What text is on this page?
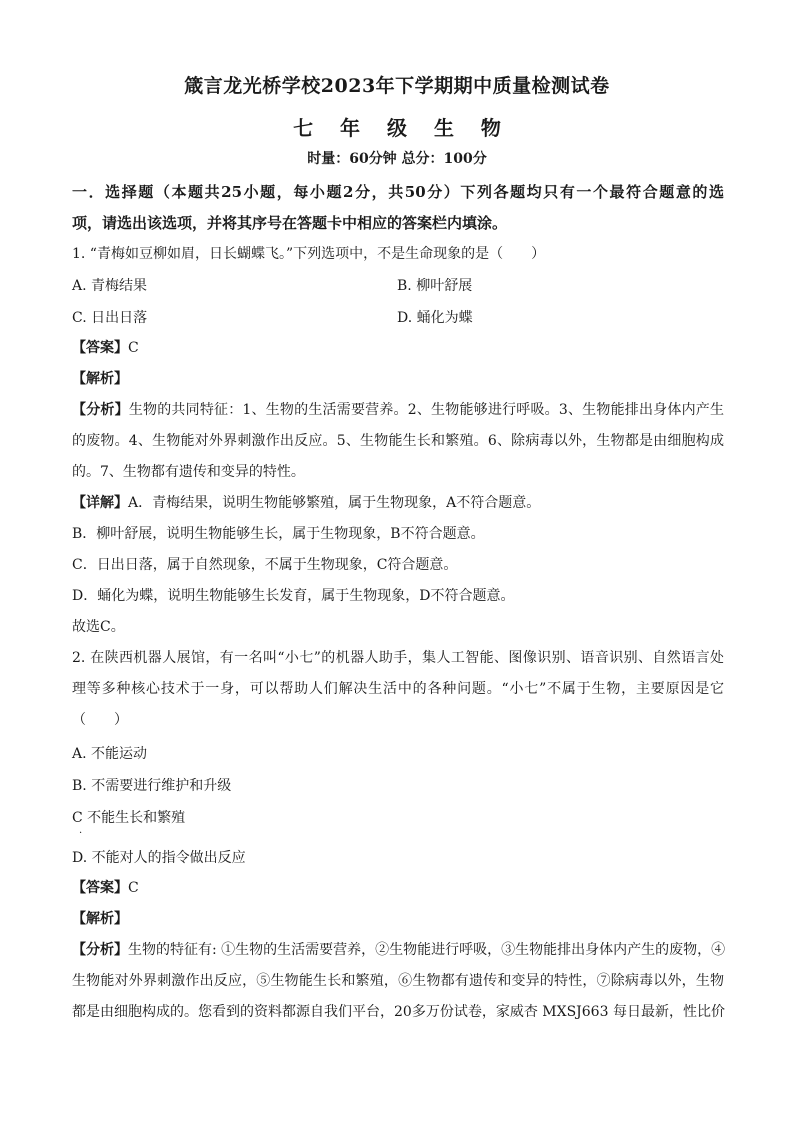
箴言龙光桥学校2023年下学期期中质量检测试卷
七 年 级 生 物
时量：60分钟 总分：100分

一．选择题（本题共25小题，每小题2分，共50分）下列各题均只有一个最符合题意的选

项，请选出该选项，并将其序号在答题卡中相应的答案栏内填涂。

1. “青梅如豆柳如眉，日长蝴蝶飞。”下列选项中，不是生命现象的是（　　）

A. 青梅结果	B. 柳叶舒展

C. 日出日落	D. 蛹化为蝶

【答案】C

【解析】

【分析】生物的共同特征：1、生物的生活需要营养。2、生物能够进行呼吸。3、生物能排出身体内产生

的废物。4、生物能对外界刺激作出反应。5、生物能生长和繁殖。6、除病毒以外，生物都是由细胞构成

的。7、生物都有遗传和变异的特性。

【详解】A．青梅结果，说明生物能够繁殖，属于生物现象，A不符合题意。

B．柳叶舒展，说明生物能够生长，属于生物现象，B不符合题意。

C．日出日落，属于自然现象，不属于生物现象，C符合题意。

D．蛹化为蝶，说明生物能够生长发育，属于生物现象，D不符合题意。

故选C。

2. 在陕西机器人展馆，有一名叫“小七”的机器人助手，集人工智能、图像识别、语音识别、自然语言处

理等多种核心技术于一身，可以帮助人们解决生活中的各种问题。“小七”不属于生物，主要原因是它

（　　）

A. 不能运动

B. 不需要进行维护和升级

C 不能生长和繁殖

.

D. 不能对人的指令做出反应

【答案】C

【解析】

【分析】生物的特征有: ①生物的生活需要营养，②生物能进行呼吸，③生物能排出身体内产生的废物，④

生物能对外界刺激作出反应，⑤生物能生长和繁殖，⑥生物都有遗传和变异的特性，⑦除病毒以外，生物

都是由细胞构成的。您看到的资料都源自我们平台，20多万份试卷，家威杏 MXSJ663 每日最新，性比价
